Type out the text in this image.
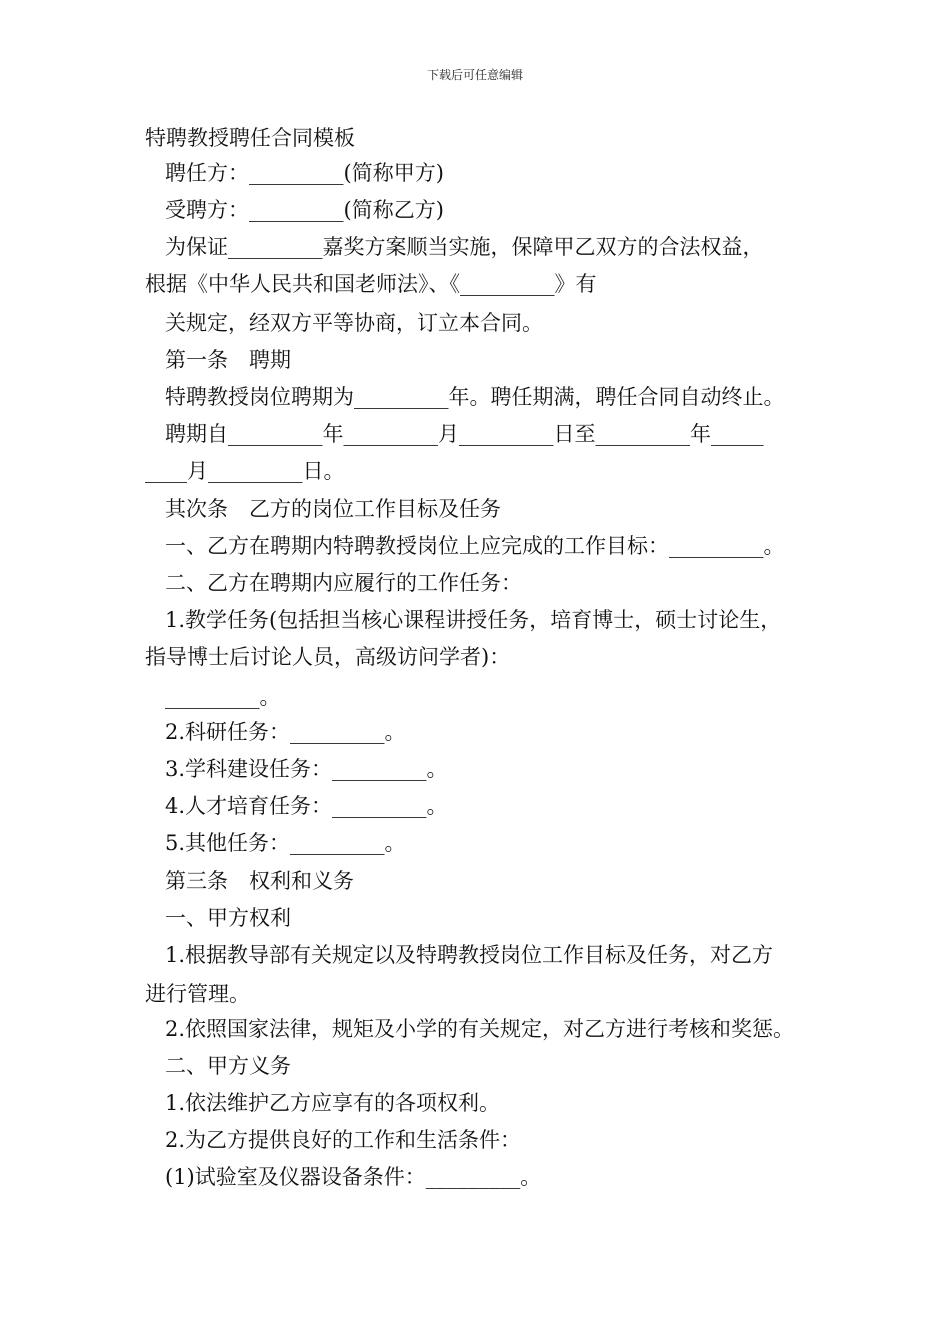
下载后可任意编辑
特聘教授聘任合同模板
聘任方：_________(简称甲方)
受聘方：_________(简称乙方)
为保证_________嘉奖方案顺当实施，保障甲乙双方的合法权益，
根据《中华人民共和国老师法》、《_________》有
关规定，经双方平等协商，订立本合同。
第一条　聘期
特聘教授岗位聘期为_________年。聘任期满，聘任合同自动终止。
聘期自_________年_________月_________日至_________年_____
____月_________日。
其次条　乙方的岗位工作目标及任务
一、乙方在聘期内特聘教授岗位上应完成的工作目标：_________。
二、乙方在聘期内应履行的工作任务：
1.教学任务(包括担当核心课程讲授任务，培育博士，硕士讨论生，
指导博士后讨论人员，高级访问学者)：
_________。
2.科研任务：_________。
3.学科建设任务：_________。
4.人才培育任务：_________。
5.其他任务：_________。
第三条　权利和义务
一、甲方权利
1.根据教导部有关规定以及特聘教授岗位工作目标及任务，对乙方
进行管理。
2.依照国家法律，规矩及小学的有关规定，对乙方进行考核和奖惩。
二、甲方义务
1.依法维护乙方应享有的各项权利。
2.为乙方提供良好的工作和生活条件：
(1)试验室及仪器设备条件：_________。
